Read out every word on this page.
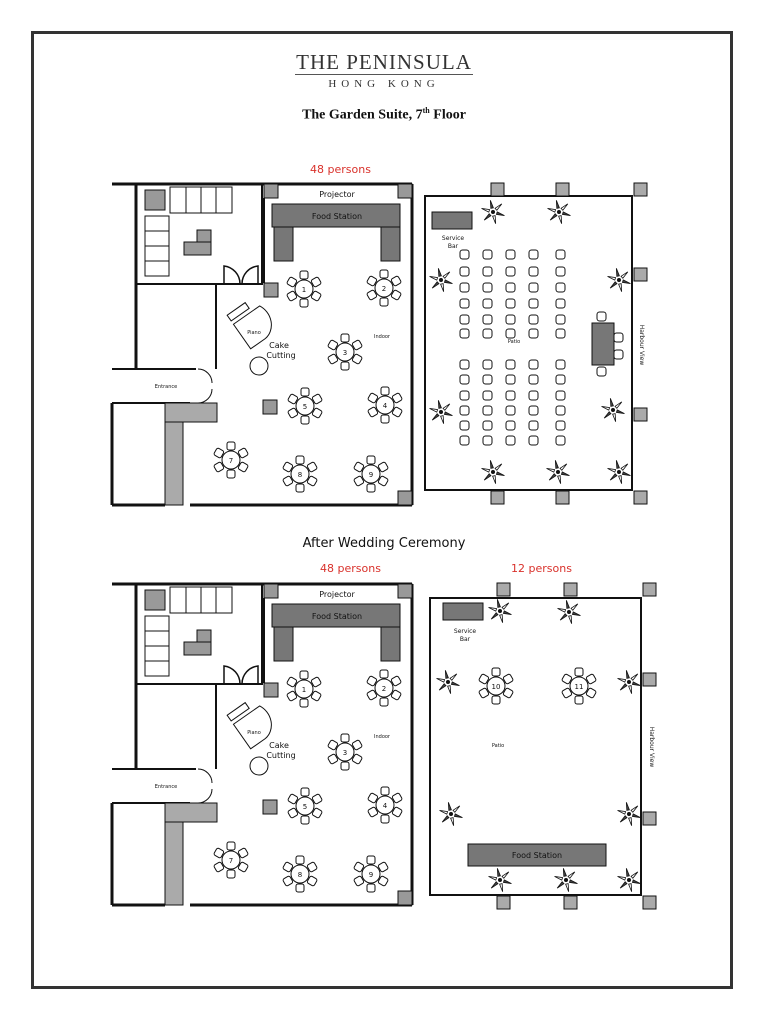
THE PENINSULA
HONG KONG
The Garden Suite, 7th Floor
48 persons
After Wedding Ceremony
48 persons	12 persons
Projector
Food Station
Piano
Cake
Cutting
Indoor
Entrance
1	2
3
4
5
7
8	9
Service
Bar
Patio	Harbour View
Projector
Food Station
Piano
Cake
Cutting
Indoor
Entrance
1	2
3
4
5
7
8	9
Service
Bar
10	11
Patio	Harbour View
Food Station
